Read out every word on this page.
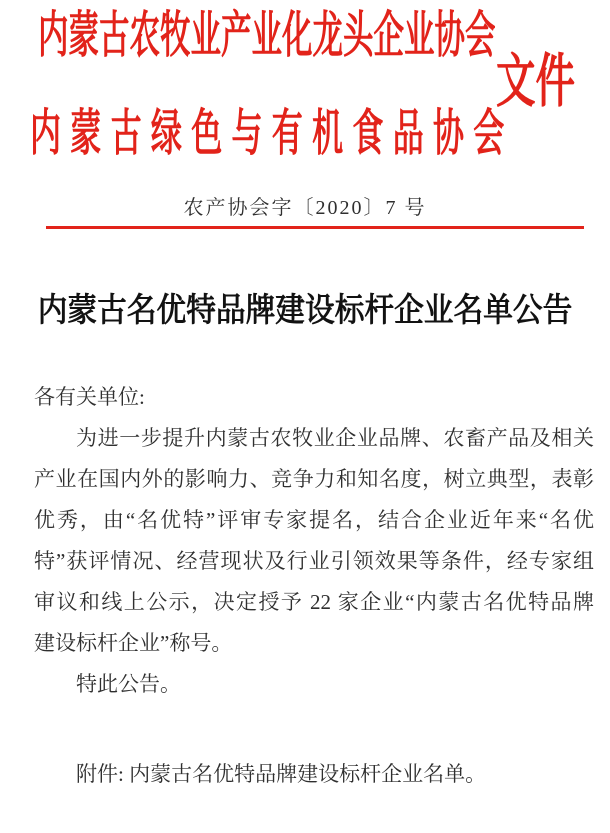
内蒙古农牧业产业化龙头企业协会
文件
内蒙古绿色与有机食品协会
农产协会字〔2020〕7 号
内蒙古名优特品牌建设标杆企业名单公告

各有关单位:

为进一步提升内蒙古农牧业企业品牌、农畜产品及相关

产业在国内外的影响力、竞争力和知名度，树立典型，表彰

优秀，由“名优特”评审专家提名，结合企业近年来“名优

特”获评情况、经营现状及行业引领效果等条件，经专家组

审议和线上公示，决定授予 22 家企业“内蒙古名优特品牌

建设标杆企业”称号。

特此公告。

附件: 内蒙古名优特品牌建设标杆企业名单。
